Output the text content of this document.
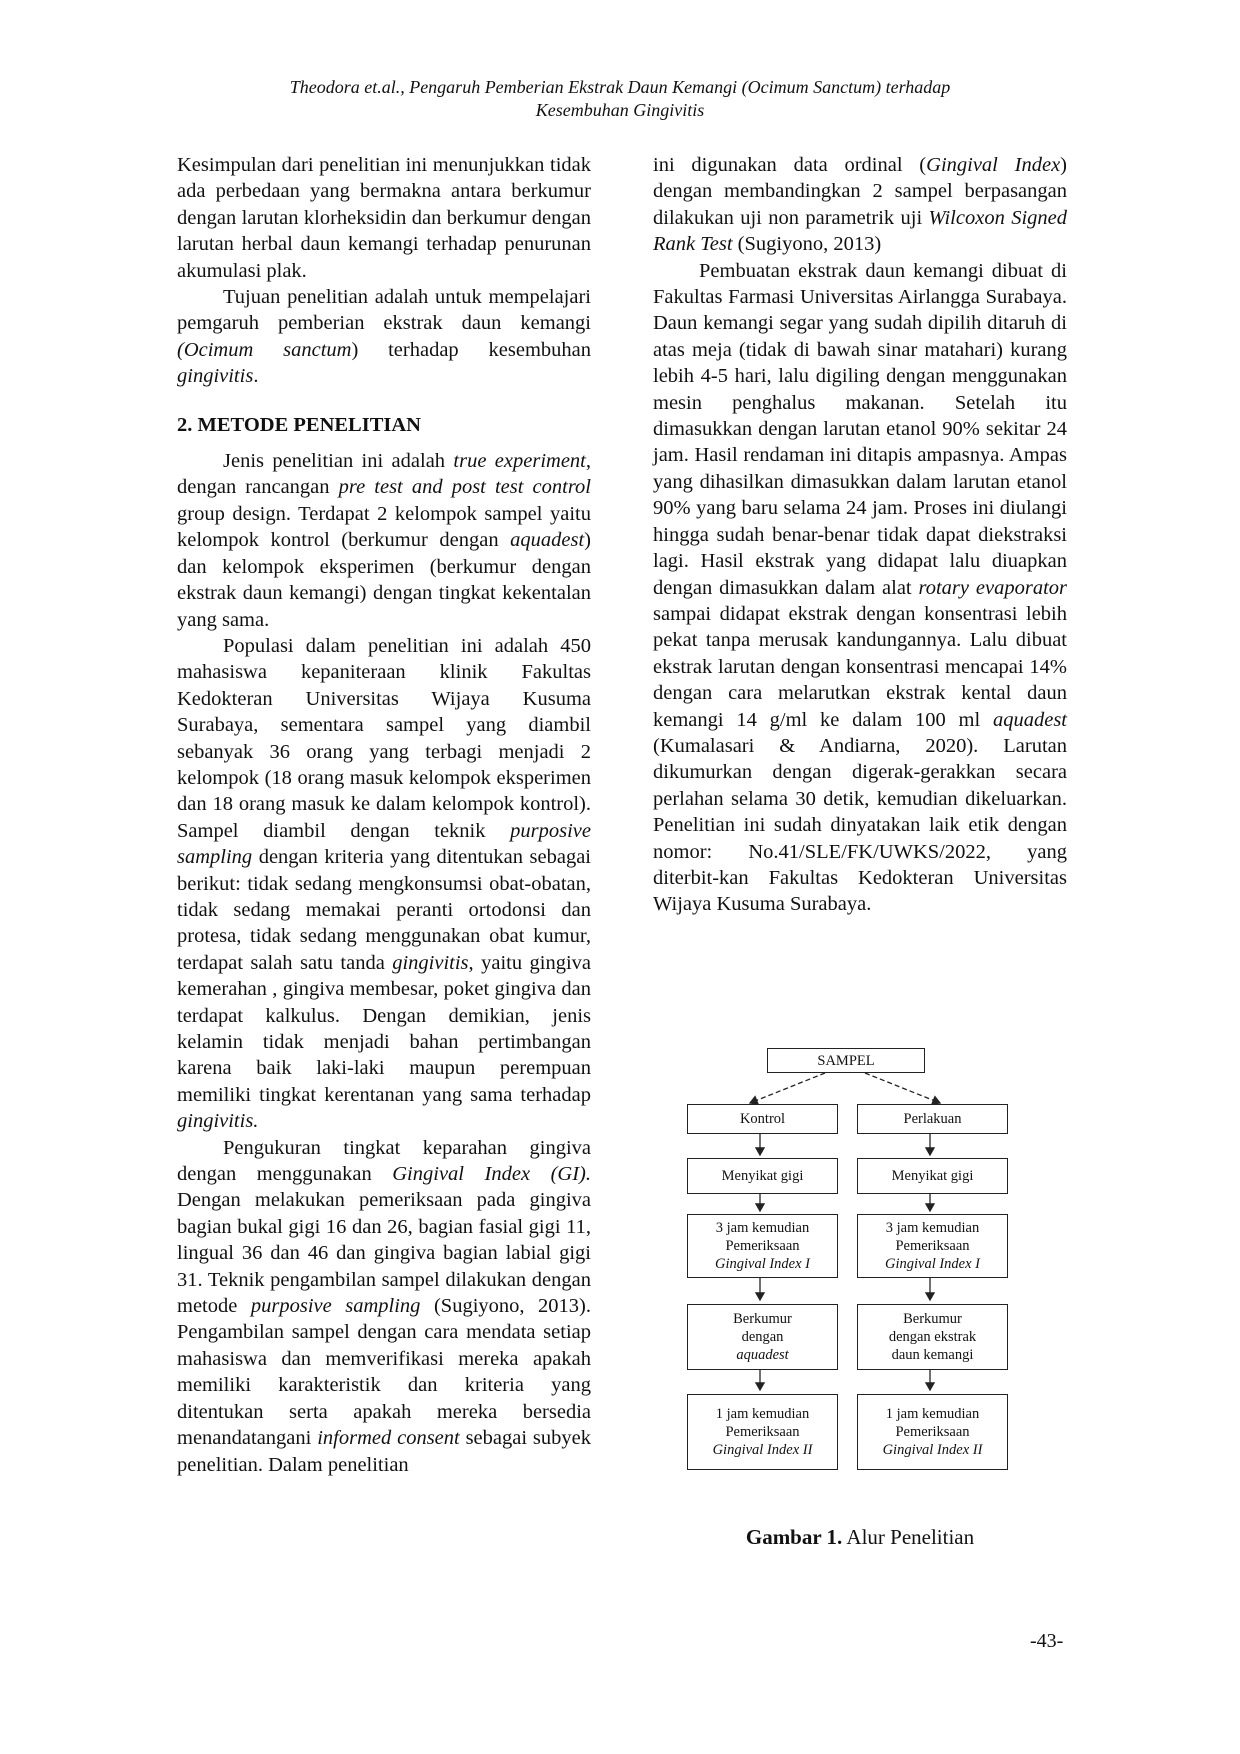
Theodora et.al., Pengaruh Pemberian Ekstrak Daun Kemangi (Ocimum Sanctum) terhadap
Kesembuhan Gingivitis

Kesimpulan dari penelitian ini menunjukkan tidak ada perbedaan yang bermakna antara berkumur dengan larutan klorheksidin dan berkumur dengan larutan herbal daun kemangi terhadap penurunan akumulasi plak.

Tujuan penelitian adalah untuk mempelajari pemgaruh pemberian ekstrak daun kemangi (Ocimum sanctum) terhadap kesembuhan gingivitis.

2. METODE PENELITIAN

Jenis penelitian ini adalah true experiment, dengan rancangan pre test and post test control group design. Terdapat 2 kelompok sampel yaitu kelompok kontrol (berkumur dengan aquadest) dan kelompok eksperimen (berkumur dengan ekstrak daun kemangi) dengan tingkat kekentalan yang sama.

Populasi dalam penelitian ini adalah 450 mahasiswa kepaniteraan klinik Fakultas Kedokteran Universitas Wijaya Kusuma Surabaya, sementara sampel yang diambil sebanyak 36 orang yang terbagi menjadi 2 kelompok (18 orang masuk kelompok eksperimen dan 18 orang masuk ke dalam kelompok kontrol). Sampel diambil dengan teknik purposive sampling dengan kriteria yang ditentukan sebagai berikut: tidak sedang mengkonsumsi obat-obatan, tidak sedang memakai peranti ortodonsi dan protesa, tidak sedang menggunakan obat kumur, terdapat salah satu tanda gingivitis, yaitu gingiva kemerahan , gingiva membesar, poket gingiva dan terdapat kalkulus. Dengan demikian, jenis kelamin tidak menjadi bahan pertimbangan karena baik laki-laki maupun perempuan memiliki tingkat kerentanan yang sama terhadap gingivitis.

Pengukuran tingkat keparahan gingiva dengan menggunakan Gingival Index (GI). Dengan melakukan pemeriksaan pada gingiva bagian bukal gigi 16 dan 26, bagian fasial gigi 11, lingual 36 dan 46 dan gingiva bagian labial gigi 31. Teknik pengambilan sampel dilakukan dengan metode purposive sampling (Sugiyono, 2013). Pengambilan sampel dengan cara mendata setiap mahasiswa dan memverifikasi mereka apakah memiliki karakteristik dan kriteria yang ditentukan serta apakah mereka bersedia menandatangani informed consent sebagai subyek penelitian. Dalam penelitian

ini digunakan data ordinal (Gingival Index) dengan membandingkan 2 sampel berpasangan dilakukan uji non parametrik uji Wilcoxon Signed Rank Test (Sugiyono, 2013)

Pembuatan ekstrak daun kemangi dibuat di Fakultas Farmasi Universitas Airlangga Surabaya. Daun kemangi segar yang sudah dipilih ditaruh di atas meja (tidak di bawah sinar matahari) kurang lebih 4-5 hari, lalu digiling dengan menggunakan mesin penghalus makanan. Setelah itu dimasukkan dengan larutan etanol 90% sekitar 24 jam. Hasil rendaman ini ditapis ampasnya. Ampas yang dihasilkan dimasukkan dalam larutan etanol 90% yang baru selama 24 jam. Proses ini diulangi hingga sudah benar-benar tidak dapat diekstraksi lagi. Hasil ekstrak yang didapat lalu diuapkan dengan dimasukkan dalam alat rotary evaporator sampai didapat ekstrak dengan konsentrasi lebih pekat tanpa merusak kandungannya. Lalu dibuat ekstrak larutan dengan konsentrasi mencapai 14% dengan cara melarutkan ekstrak kental daun kemangi 14 g/ml ke dalam 100 ml aquadest (Kumalasari & Andiarna, 2020). Larutan dikumurkan dengan digerak-gerakkan secara perlahan selama 30 detik, kemudian dikeluarkan. Penelitian ini sudah dinyatakan laik etik dengan nomor: No.41/SLE/FK/UWKS/2022, yang diterbit-kan Fakultas Kedokteran Universitas Wijaya Kusuma Surabaya.

SAMPEL
Kontrol	Perlakuan
Menyikat gigi	Menyikat gigi
3 jam kemudian
Pemeriksaan
Gingival Index I
3 jam kemudian
Pemeriksaan
Gingival Index I
Berkumur
dengan
aquadest
Berkumur
dengan ekstrak
daun kemangi
1 jam kemudian
Pemeriksaan
Gingival Index II
1 jam kemudian
Pemeriksaan
Gingival Index II
Gambar 1. Alur Penelitian
-43-
